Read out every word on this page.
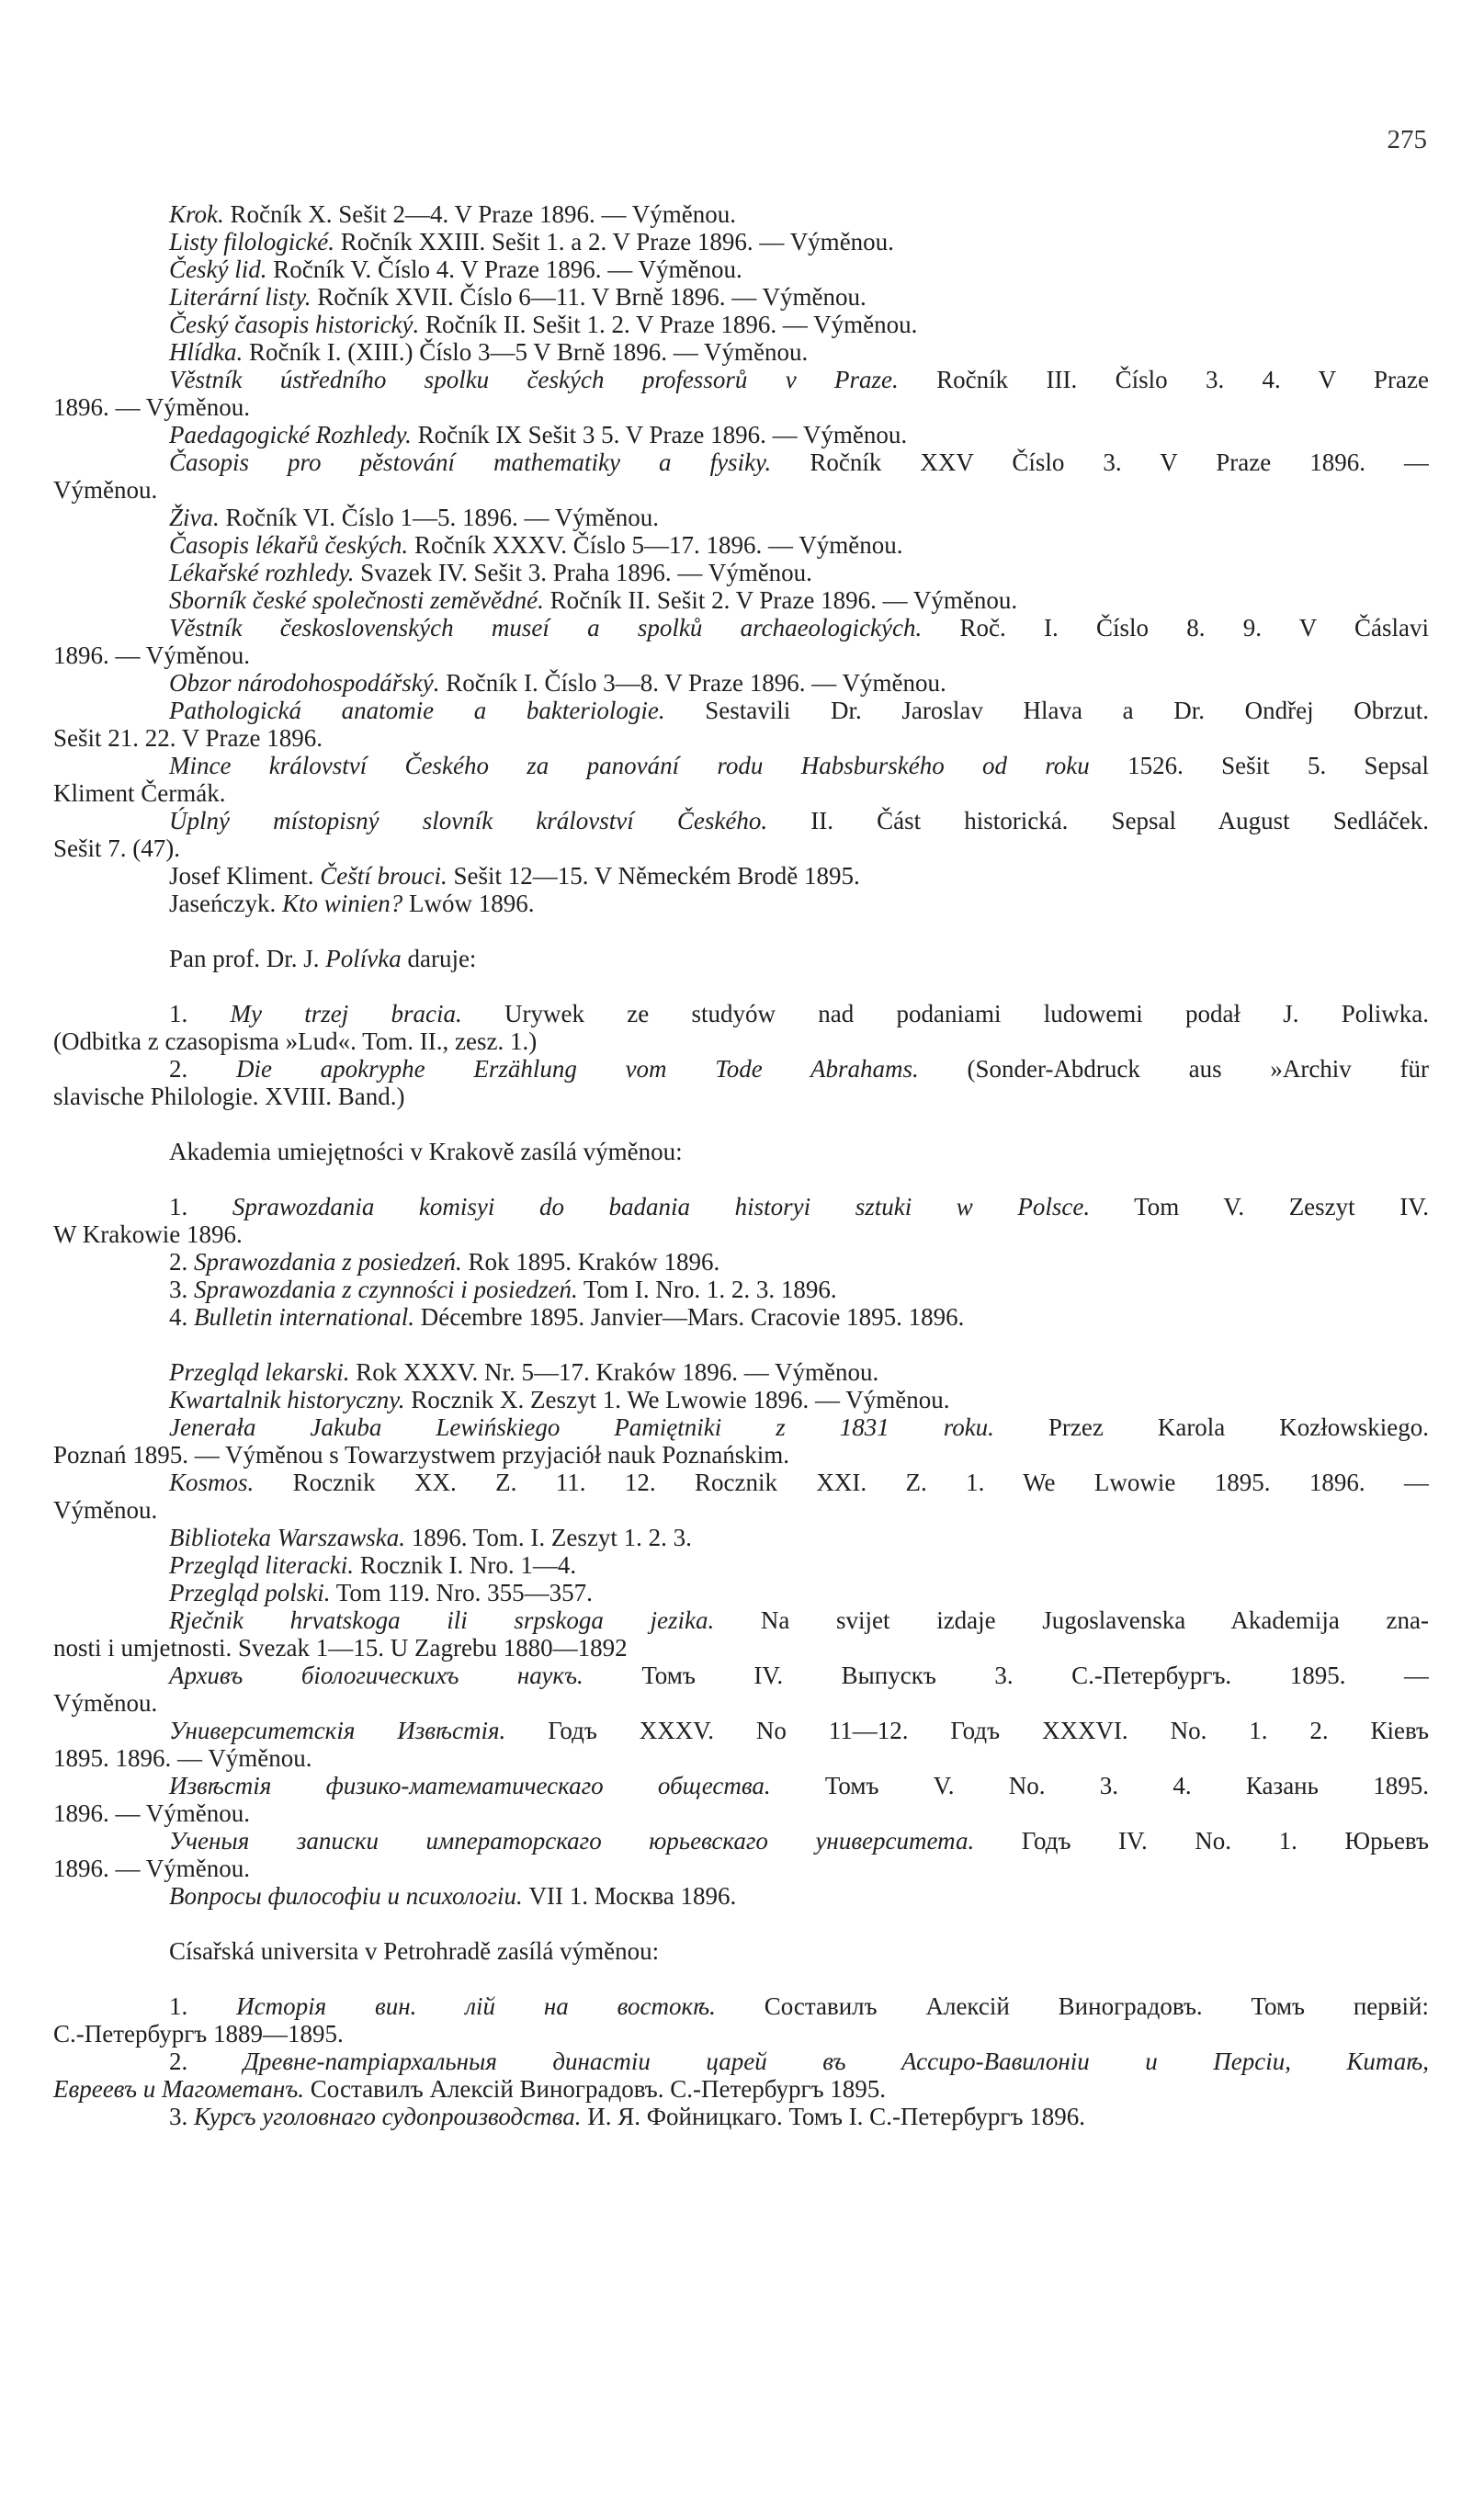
275
Krok. Ročník X. Sešit 2—4. V Praze 1896. — Výměnou.
Listy filologické. Ročník XXIII. Sešit 1. a 2. V Praze 1896. — Výměnou.
Český lid. Ročník V. Číslo 4. V Praze 1896. — Výměnou.
Literární listy. Ročník XVII. Číslo 6—11. V Brně 1896. — Výměnou.
Český časopis historický. Ročník II. Sešit 1. 2. V Praze 1896. — Výměnou.
Hlídka. Ročník I. (XIII.) Číslo 3—5 V Brně 1896. — Výměnou.
Věstník ústředního spolku českých professorů v Praze. Ročník III. Číslo 3. 4. V Praze
1896. — Výměnou.
Paedagogické Rozhledy. Ročník IX Sešit 3 5. V Praze 1896. — Výměnou.
Časopis pro pěstování mathematiky a fysiky. Ročník XXV Číslo 3. V Praze 1896. —
Výměnou.
Živa. Ročník VI. Číslo 1—5. 1896. — Výměnou.
Časopis lékařů českých. Ročník XXXV. Číslo 5—17. 1896. — Výměnou.
Lékařské rozhledy. Svazek IV. Sešit 3. Praha 1896. — Výměnou.
Sborník české společnosti zeměvědné. Ročník II. Sešit 2. V Praze 1896. — Výměnou.
Věstník československých museí a spolků archaeologických. Roč. I. Číslo 8. 9. V Čáslavi
1896. — Výměnou.
Obzor národohospodářský. Ročník I. Číslo 3—8. V Praze 1896. — Výměnou.
Pathologická anatomie a bakteriologie. Sestavili Dr. Jaroslav Hlava a Dr. Ondřej Obrzut.
Sešit 21. 22. V Praze 1896.
Mince království Českého za panování rodu Habsburského od roku 1526. Sešit 5. Sepsal
Kliment Čermák.
Úplný místopisný slovník království Českého. II. Část historická. Sepsal August Sedláček.
Sešit 7. (47).
Josef Kliment. Čeští brouci. Sešit 12—15. V Německém Brodě 1895.
Jaseńczyk. Kto winien? Lwów 1896.
Pan prof. Dr. J. Polívka daruje:
1. My trzej bracia. Urywek ze studyów nad podaniami ludowemi podał J. Poliwka.
(Odbitka z czasopisma »Lud«. Tom. II., zesz. 1.)
2. Die apokryphe Erzählung vom Tode Abrahams. (Sonder-Abdruck aus »Archiv für
slavische Philologie. XVIII. Band.)
Akademia umiejętności v Krakově zasílá výměnou:
1. Sprawozdania komisyi do badania historyi sztuki w Polsce. Tom V. Zeszyt IV.
W Krakowie 1896.
2. Sprawozdania z posiedzeń. Rok 1895. Kraków 1896.
3. Sprawozdania z czynności i posiedzeń. Tom I. Nro. 1. 2. 3. 1896.
4. Bulletin international. Décembre 1895. Janvier—Mars. Cracovie 1895. 1896.
Przegląd lekarski. Rok XXXV. Nr. 5—17. Kraków 1896. — Výměnou.
Kwartalnik historyczny. Rocznik X. Zeszyt 1. We Lwowie 1896. — Výměnou.
Jenerała Jakuba Lewińskiego Pamiętniki z 1831 roku. Przez Karola Kozłowskiego.
Poznań 1895. — Výměnou s Towarzystwem przyjaciół nauk Poznańskim.
Kosmos. Rocznik XX. Z. 11. 12. Rocznik XXI. Z. 1. We Lwowie 1895. 1896. —
Výměnou.
Biblioteka Warszawska. 1896. Tom. I. Zeszyt 1. 2. 3.
Przegląd literacki. Rocznik I. Nro. 1—4.
Przegląd polski. Tom 119. Nro. 355—357.
Rječnik hrvatskoga ili srpskoga jezika. Na svijet izdaje Jugoslavenska Akademija zna-
nosti i umjetnosti. Svezak 1—15. U Zagrebu 1880—1892
Архивъ біологическихъ наукъ. Томъ IV. Выпускъ 3. С.-Петербургъ. 1895. —
Výměnou.
Университетскія Извѣстія. Годъ XXXV. No 11—12. Годъ XXXVI. No. 1. 2. Кіевъ
1895. 1896. — Výměnou.
Извѣстія физико-математическаго общества. Томъ V. No. 3. 4. Казань 1895.
1896. — Výměnou.
Ученыя записки императорскаго юрьевскаго университета. Годъ IV. No. 1. Юрьевъ
1896. — Výměnou.
Вопросы философіи и психологіи. VII 1. Москва 1896.
Císařská universita v Petrohradě zasílá výměnou:
1. Исторія вин. лій на востокѣ. Составилъ Алексій Виноградовъ. Томъ первій:
С.-Петербургъ 1889—1895.
2. Древне-патріархальныя династіи царей въ Ассиро-Вавилоніи и Персіи, Китаѣ,
Евреевъ и Магометанъ. Составилъ Алексій Виноградовъ. С.-Петербургъ 1895.
3. Курсъ уголовнаго судопроизводства. И. Я. Фойницкаго. Томъ I. С.-Петербургъ 1896.
